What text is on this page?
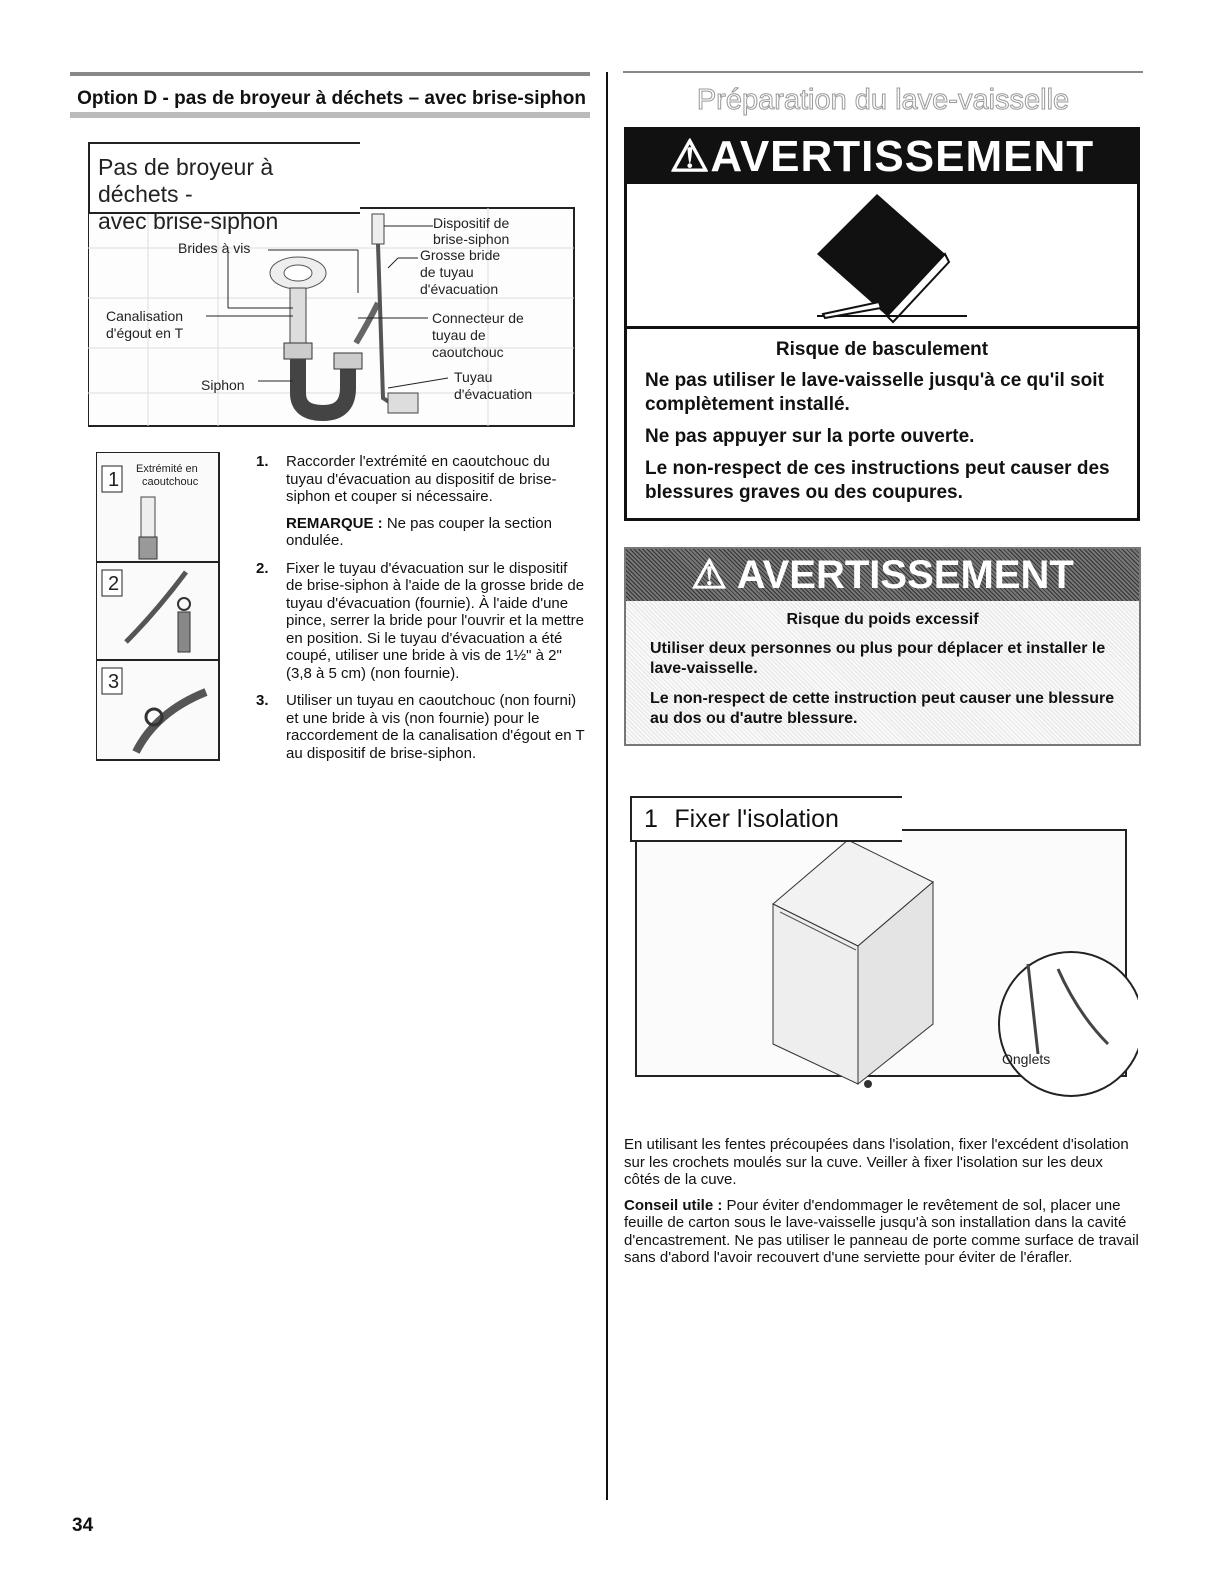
Option D - pas de broyeur à déchets – avec brise-siphon
Brides à vis
Dispositif de
brise-siphon
Grosse bride
de tuyau
d'évacuation
Canalisation
d'égout en T
Connecteur de
tuyau de
caoutchouc
Siphon	Tuyau
d'évacuation
Pas de broyeur à déchets -
avec brise-siphon
1 Extrémité en
caoutchouc
2
3
1. Raccorder l'extrémité en caoutchouc du tuyau d'évacuation au dispositif de brise-siphon et couper si nécessaire.
REMARQUE : Ne pas couper la section ondulée.
2. Fixer le tuyau d'évacuation sur le dispositif de brise-siphon à l'aide de la grosse bride de tuyau d'évacuation (fournie). À l'aide d'une pince, serrer la bride pour l'ouvrir et la mettre en position. Si le tuyau d'évacuation a été coupé, utiliser une bride à vis de 1½" à 2" (3,8 à 5 cm) (non fournie).
3. Utiliser un tuyau en caoutchouc (non fourni) et une bride à vis (non fournie) pour le raccordement de la canalisation d'égout en T au dispositif de brise-siphon.
34
Préparation du lave-vaisselle
⚠AVERTISSEMENT
Risque de basculement
Ne pas utiliser le lave-vaisselle jusqu'à ce qu'il soit complètement installé.
Ne pas appuyer sur la porte ouverte.
Le non-respect de ces instructions peut causer des blessures graves ou des coupures.
⚠ AVERTISSEMENT
Risque du poids excessif
Utiliser deux personnes ou plus pour déplacer et installer le lave-vaisselle.
Le non-respect de cette instruction peut causer une blessure au dos ou d'autre blessure.
Onglets
1 Fixer l'isolation

En utilisant les fentes précoupées dans l'isolation, fixer l'excédent d'isolation sur les crochets moulés sur la cuve. Veiller à fixer l'isolation sur les deux côtés de la cuve.

Conseil utile : Pour éviter d'endommager le revêtement de sol, placer une feuille de carton sous le lave-vaisselle jusqu'à son installation dans la cavité d'encastrement. Ne pas utiliser le panneau de porte comme surface de travail sans d'abord l'avoir recouvert d'une serviette pour éviter de l'érafler.
